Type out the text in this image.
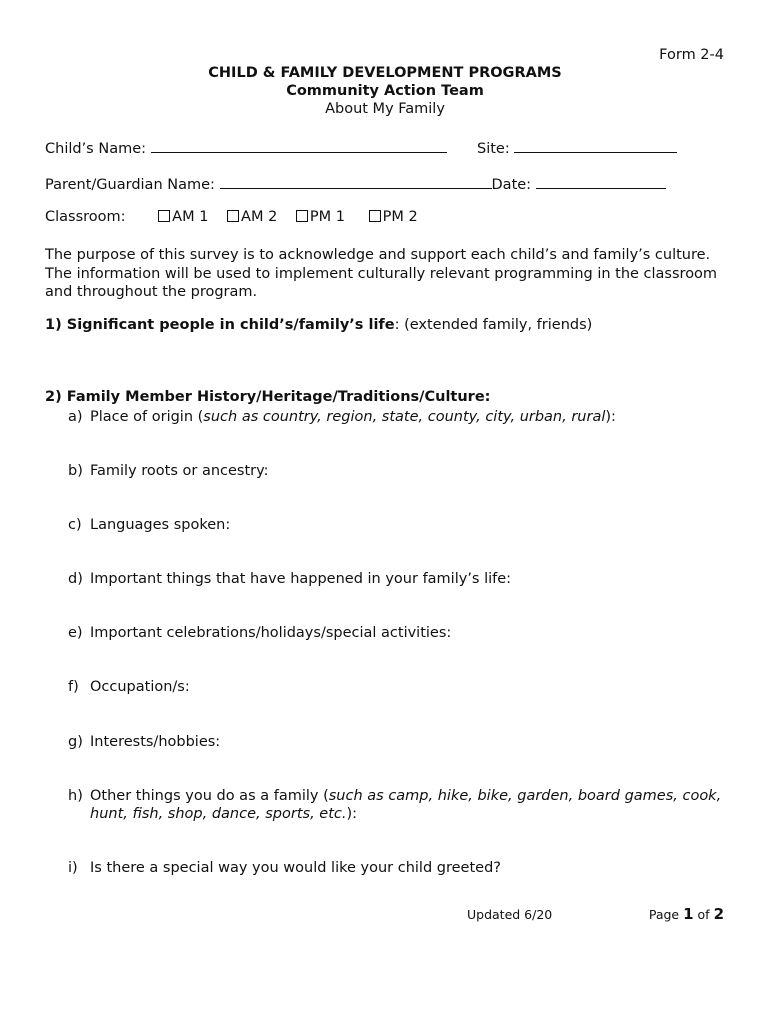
Form 2-4
CHILD & FAMILY DEVELOPMENT PROGRAMS
Community Action Team
About My Family
Child’s Name:	Site:
Parent/Guardian Name:	Date:
Classroom:	AM 1 AM 2 PM 1	PM 2
The purpose of this survey is to acknowledge and support each child’s and family’s culture. The information will be used to implement culturally relevant programming in the classroom and throughout the program.
1) Significant people in child’s/family’s life: (extended family, friends)
2) Family Member History/Heritage/Traditions/Culture:
a) Place of origin (such as country, region, state, county, city, urban, rural):
b) Family roots or ancestry:
c) Languages spoken:
d) Important things that have happened in your family’s life:
e) Important celebrations/holidays/special activities:
f) Occupation/s:
g) Interests/hobbies:
h) Other things you do as a family (such as camp, hike, bike, garden, board games, cook, hunt, fish, shop, dance, sports, etc.):
i) Is there a special way you would like your child greeted?
Updated 6/20	Page 1 of 2
